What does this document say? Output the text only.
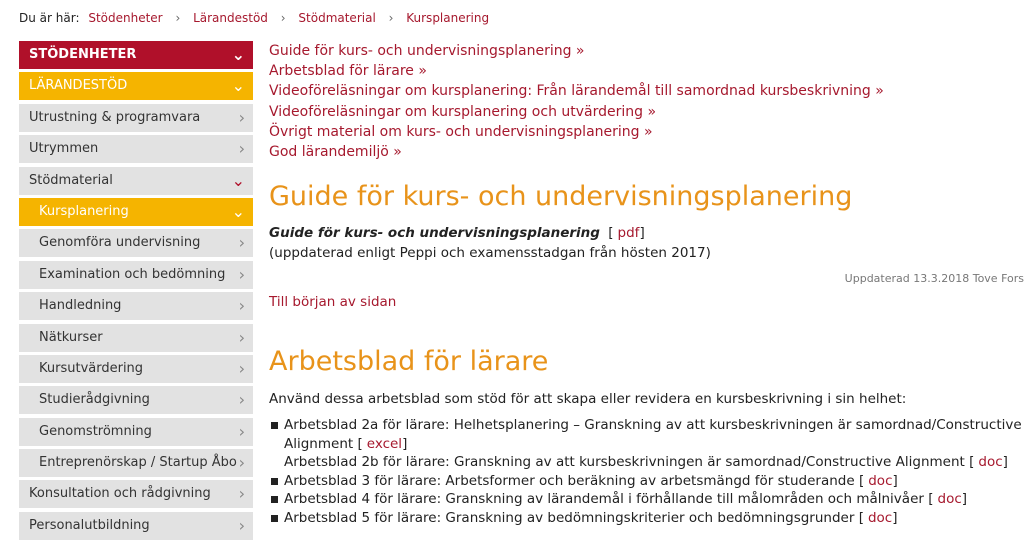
Du är här: Stödenheter › Lärandestöd › Stödmaterial › Kursplanering
STÖDENHETER	⌄
LÄRANDESTÖD	⌄
Utrustning & programvara ›
Utrymmen	›
Stödmaterial	⌄
Kursplanering	⌄
Genomföra undervisning ›
Examination och bedömning ›
Handledning	›
Nätkurser	›
Kursutvärdering	›
Studierådgivning	›
Genomströmning	›
Entreprenörskap / Startup Åbo ›
Konsultation och rådgivning ›
Personalutbildning	›
Guide för kurs- och undervisningsplanering »
Arbetsblad för lärare »
Videoföreläsningar om kursplanering: Från lärandemål till samordnad kursbeskrivning »
Videoföreläsningar om kursplanering och utvärdering »
Övrigt material om kurs- och undervisningsplanering »
God lärandemiljö »
Guide för kurs- och undervisningsplanering
Guide för kurs- och undervisningsplanering [ pdf]
(uppdaterad enligt Peppi och examensstadgan från hösten 2017)
Uppdaterad 13.3.2018 Tove Fors
Till början av sidan
Arbetsblad för lärare
Använd dessa arbetsblad som stöd för att skapa eller revidera en kursbeskrivning i sin helhet:
Arbetsblad 2a för lärare: Helhetsplanering – Granskning av att kursbeskrivningen är samordnad/Constructive Alignment [ excel]
Arbetsblad 2b för lärare: Granskning av att kursbeskrivningen är samordnad/Constructive Alignment [ doc]
Arbetsblad 3 för lärare: Arbetsformer och beräkning av arbetsmängd för studerande [ doc]
Arbetsblad 4 för lärare: Granskning av lärandemål i förhållande till målområden och målnivåer [ doc]
Arbetsblad 5 för lärare: Granskning av bedömningskriterier och bedömningsgrunder [ doc]
